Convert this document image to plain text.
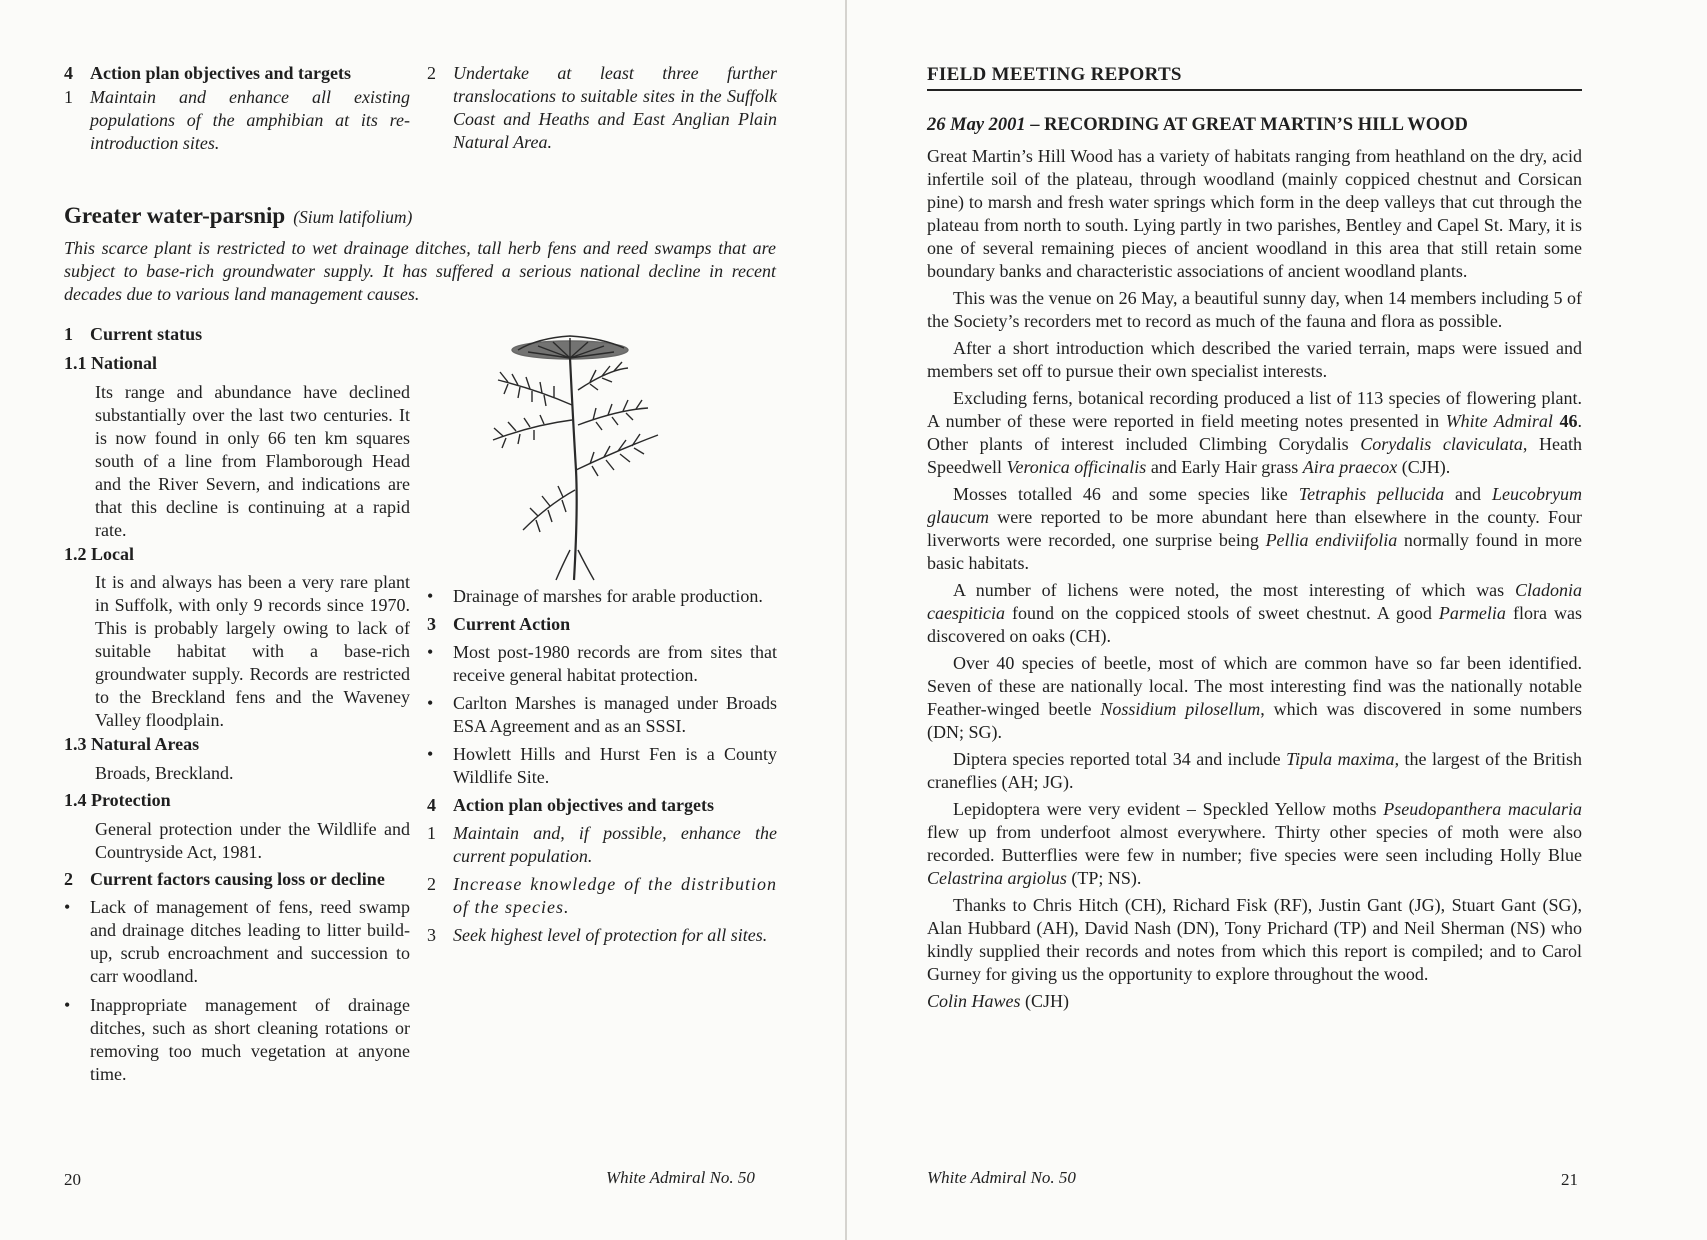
4 Action plan objectives and targets
1 Maintain and enhance all existing populations of the amphibian at its re-introduction sites.
2 Undertake at least three further translocations to suitable sites in the Suffolk Coast and Heaths and East Anglian Plain Natural Area.
Greater water-parsnip (Sium latifolium)

This scarce plant is restricted to wet drainage ditches, tall herb fens and reed swamps that are subject to base-rich groundwater supply. It has suffered a serious national decline in recent decades due to various land management causes.

1 Current status
1.1 National

Its range and abundance have declined substantially over the last two centuries. It is now found in only 66 ten km squares south of a line from Flamborough Head and the River Severn, and indications are that this decline is continuing at a rapid rate.

1.2 Local

It is and always has been a very rare plant in Suffolk, with only 9 records since 1970. This is probably largely owing to lack of suitable habitat with a base-rich groundwater supply. Records are restricted to the Breckland fens and the Waveney Valley floodplain.

1.3 Natural Areas

Broads, Breckland.

1.4 Protection

General protection under the Wildlife and Countryside Act, 1981.

2 Current factors causing loss or decline
•	Lack of management of fens, reed swamp and drainage ditches leading to litter build-up, scrub encroachment and succession to carr woodland.
•	Inappropriate management of drainage ditches, such as short cleaning rotations or removing too much vegetation at anyone time.
•	Drainage of marshes for arable production.
3 Current Action
•	Most post-1980 records are from sites that receive general habitat protection.
•	Carlton Marshes is managed under Broads ESA Agreement and as an SSSI.
•	Howlett Hills and Hurst Fen is a County Wildlife Site.
4 Action plan objectives and targets
1 Maintain and, if possible, enhance the current population.
2 Increase knowledge of the distribution of the species.
3 Seek highest level of protection for all sites.
20	White Admiral No. 50
FIELD MEETING REPORTS
26 May 2001 – RECORDING AT GREAT MARTIN’S HILL WOOD

Great Martin’s Hill Wood has a variety of habitats ranging from heathland on the dry, acid infertile soil of the plateau, through woodland (mainly coppiced chestnut and Corsican pine) to marsh and fresh water springs which form in the deep valleys that cut through the plateau from north to south. Lying partly in two parishes, Bentley and Capel St. Mary, it is one of several remaining pieces of ancient woodland in this area that still retain some boundary banks and characteristic associations of ancient woodland plants.

This was the venue on 26 May, a beautiful sunny day, when 14 members including 5 of the Society’s recorders met to record as much of the fauna and flora as possible.

After a short introduction which described the varied terrain, maps were issued and members set off to pursue their own specialist interests.

Excluding ferns, botanical recording produced a list of 113 species of flowering plant. A number of these were reported in field meeting notes presented in White Admiral 46. Other plants of interest included Climbing Corydalis Corydalis claviculata, Heath Speedwell Veronica officinalis and Early Hair grass Aira praecox (CJH).

Mosses totalled 46 and some species like Tetraphis pellucida and Leucobryum glaucum were reported to be more abundant here than elsewhere in the county. Four liverworts were recorded, one surprise being Pellia endiviifolia normally found in more basic habitats.

A number of lichens were noted, the most interesting of which was Cladonia caespiticia found on the coppiced stools of sweet chestnut. A good Parmelia flora was discovered on oaks (CH).

Over 40 species of beetle, most of which are common have so far been identified. Seven of these are nationally local. The most interesting find was the nationally notable Feather-winged beetle Nossidium pilosellum, which was discovered in some numbers (DN; SG).

Diptera species reported total 34 and include Tipula maxima, the largest of the British craneflies (AH; JG).

Lepidoptera were very evident – Speckled Yellow moths Pseudopanthera macularia flew up from underfoot almost everywhere. Thirty other species of moth were also recorded. Butterflies were few in number; five species were seen including Holly Blue Celastrina argiolus (TP; NS).

Thanks to Chris Hitch (CH), Richard Fisk (RF), Justin Gant (JG), Stuart Gant (SG), Alan Hubbard (AH), David Nash (DN), Tony Prichard (TP) and Neil Sherman (NS) who kindly supplied their records and notes from which this report is compiled; and to Carol Gurney for giving us the opportunity to explore throughout the wood.

Colin Hawes (CJH)

White Admiral No. 50	21
